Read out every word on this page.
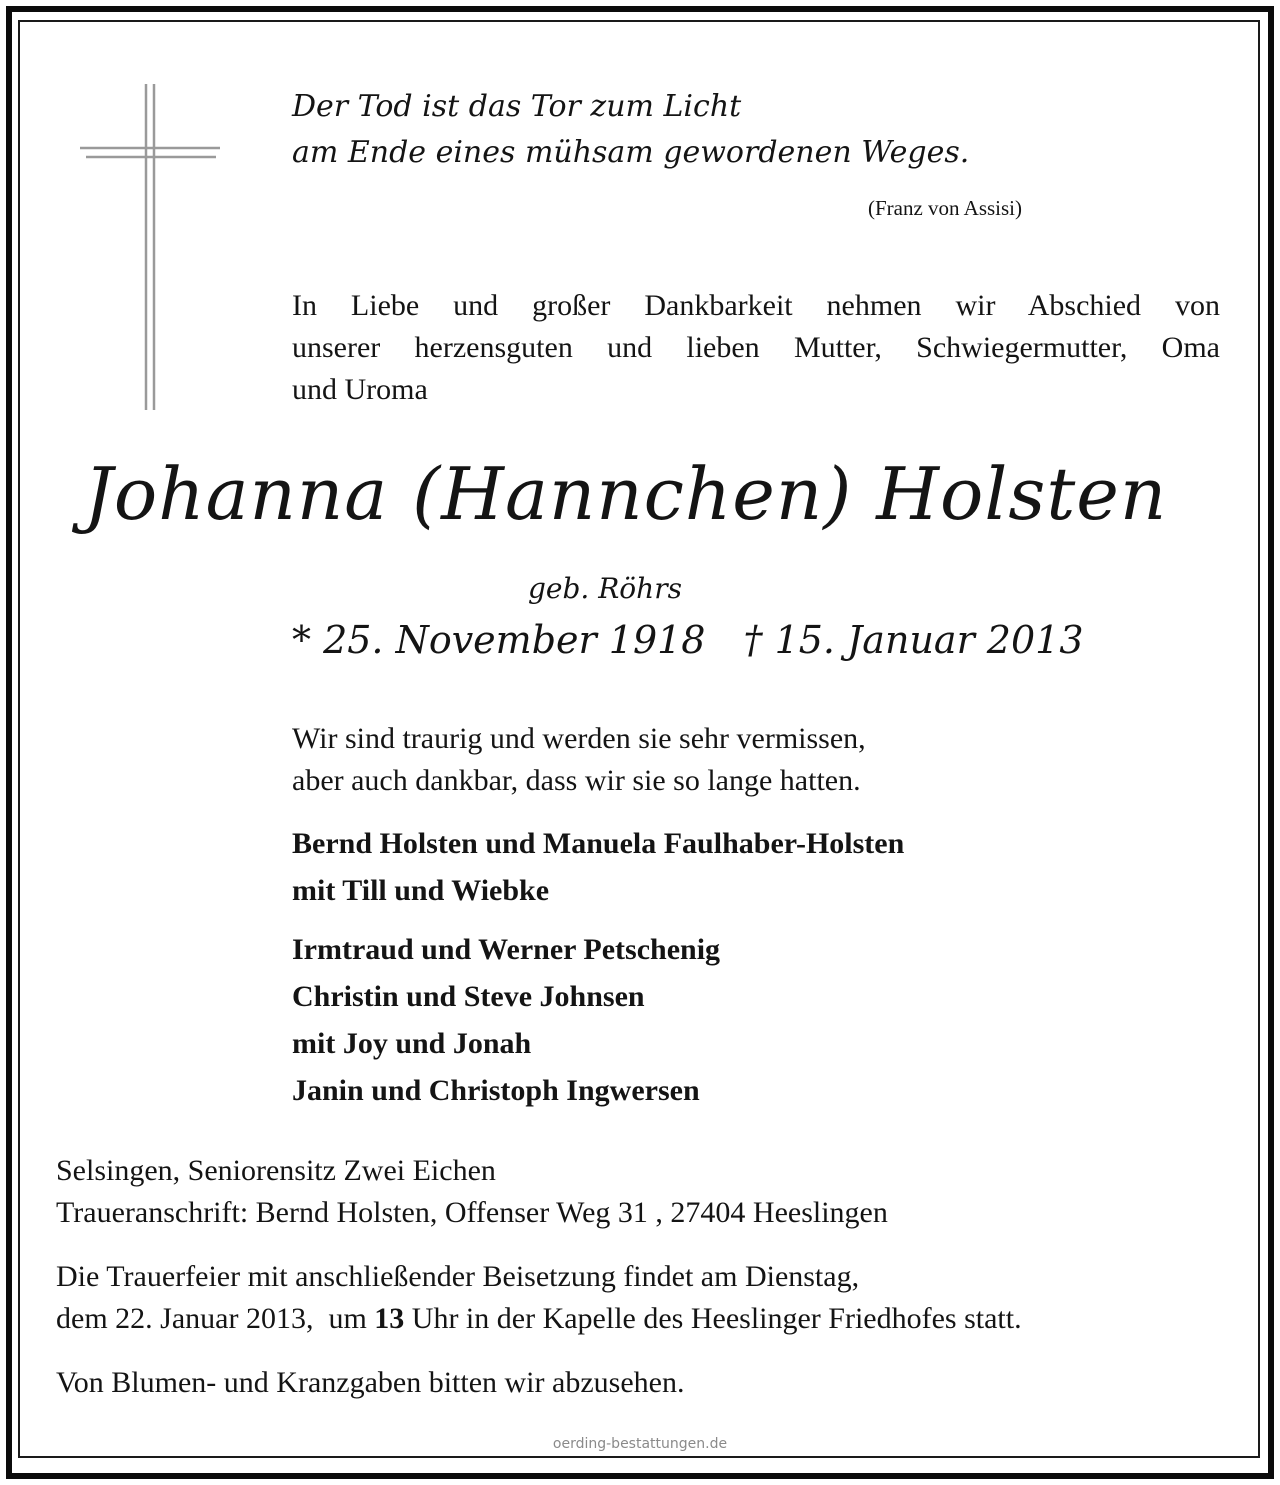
Der Tod ist das Tor zum Licht
am Ende eines mühsam gewordenen Weges.
(Franz von Assisi)
In Liebe und großer Dankbarkeit nehmen wir Abschied von
unserer herzensguten und lieben Mutter, Schwiegermutter, Oma
und Uroma
Johanna (Hannchen) Holsten
geb. Röhrs
* 25. November 1918 † 15. Januar 2013
Wir sind traurig und werden sie sehr vermissen,
aber auch dankbar, dass wir sie so lange hatten.
Bernd Holsten und Manuela Faulhaber-Holsten
mit Till und Wiebke
Irmtraud und Werner Petschenig
Christin und Steve Johnsen
mit Joy und Jonah
Janin und Christoph Ingwersen
Selsingen, Seniorensitz Zwei Eichen
Traueranschrift: Bernd Holsten, Offenser Weg 31 , 27404 Heeslingen
Die Trauerfeier mit anschließender Beisetzung findet am Dienstag,
dem 22. Januar 2013,  um 13 Uhr in der Kapelle des Heeslinger Friedhofes statt.
Von Blumen- und Kranzgaben bitten wir abzusehen.
oerding-bestattungen.de
